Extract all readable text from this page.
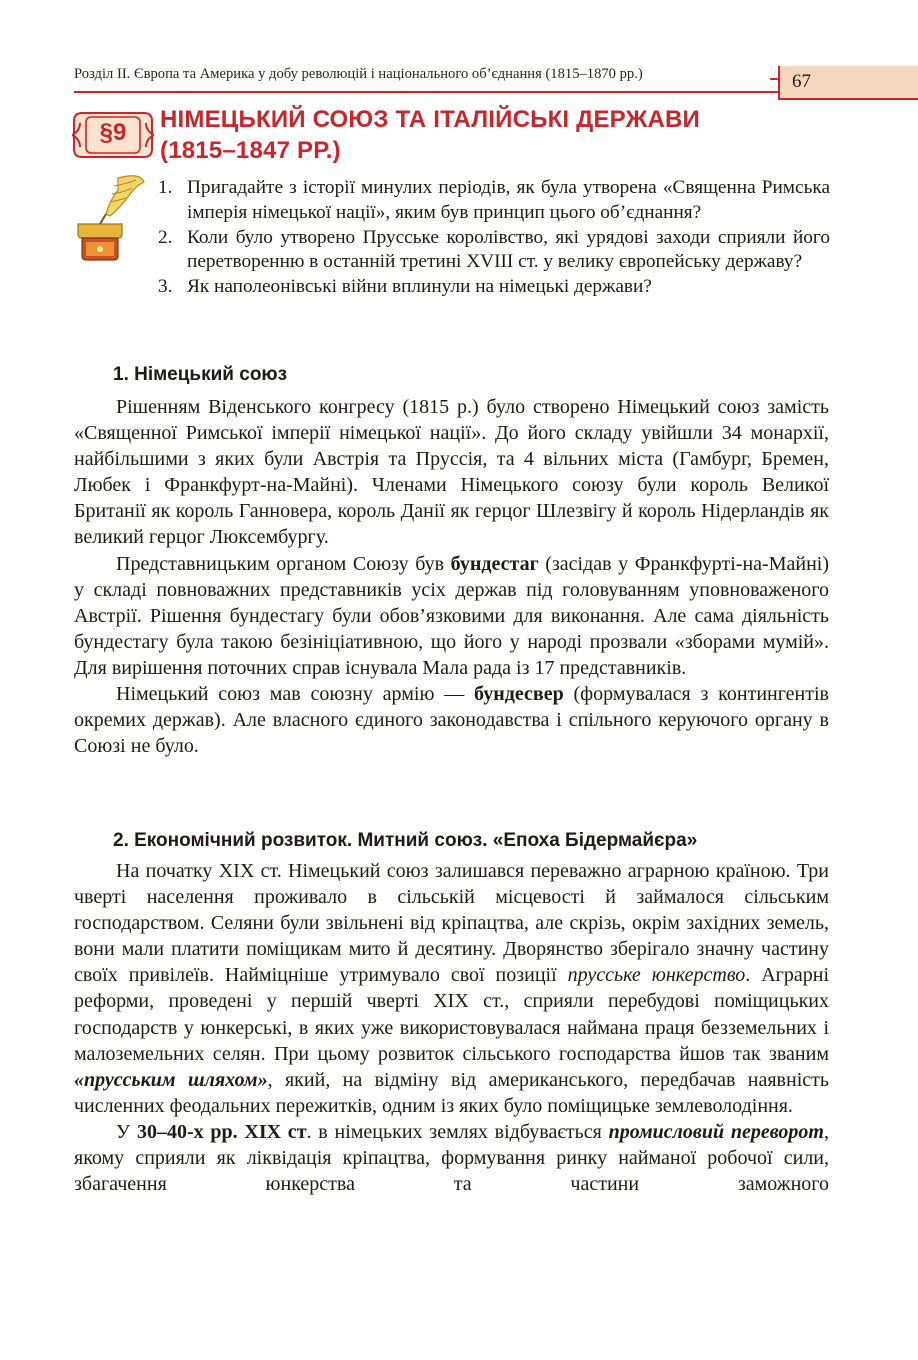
Розділ ІІ. Європа та Америка у добу революцій і національного об’єднання (1815–1870 рр.)	67
§9	НІМЕЦЬКИЙ СОЮЗ ТА ІТАЛІЙСЬКІ ДЕРЖАВИ
(1815–1847 РР.)
1. Пригадайте з історії минулих періодів, як була утворена «Священна Римська імперія німецької нації», яким був принцип цього об’єднання?
2. Коли було утворено Прусське королівство, які урядові заходи сприяли його перетворенню в останній третині XVIII ст. у велику європейську державу?
3. Як наполеонівські війни вплинули на німецькі держави?
1. Німецький союз

Рішенням Віденського конгресу (1815 р.) було створено Німецький союз замість «Священної Римської імперії німецької нації». До його складу увійшли 34 монархії, найбільшими з яких були Австрія та Пруссія, та 4 вільних міста (Гамбург, Бремен, Любек і Франкфурт-на-Майні). Членами Німецького союзу були король Великої Британії як король Ганновера, король Данії як герцог Шлезвігу й король Нідерландів як великий герцог Люксембургу.

Представницьким органом Союзу був бундестаг (засідав у Франкфурті-на-Майні) у складі повноважних представників усіх держав під головуванням уповноваженого Австрії. Рішення бундестагу були обов’язковими для виконання. Але сама діяльність бундестагу була такою безініціативною, що його у народі прозвали «зборами мумій». Для вирішення поточних справ існувала Мала рада із 17 представників.

Німецький союз мав союзну армію — бундесвер (формувалася з контингентів окремих держав). Але власного єдиного законодавства і спільного керуючого органу в Союзі не було.

2. Економічний розвиток. Митний союз. «Епоха Бідермайєра»

На початку XIX ст. Німецький союз залишався переважно аграрною країною. Три чверті населення проживало в сільській місцевості й займалося сільським господарством. Селяни були звільнені від кріпацтва, але скрізь, окрім західних земель, вони мали платити поміщикам мито й десятину. Дворянство зберігало значну частину своїх привілеїв. Найміцніше утримувало свої позиції прусське юнкерство. Аграрні реформи, проведені у першій чверті XIX ст., сприяли перебудові поміщицьких господарств у юнкерські, в яких уже використовувалася наймана праця безземельних і малоземельних селян. При цьому розвиток сільського господарства йшов так званим «прусським шляхом», який, на відміну від американського, передбачав наявність численних феодальних пережитків, одним із яких було поміщицьке землеволодіння.

У 30–40-х рр. XIX ст. в німецьких землях відбувається промисловий переворот, якому сприяли як ліквідація кріпацтва, формування ринку найманої робочої сили, збагачення юнкерства та частини заможного
